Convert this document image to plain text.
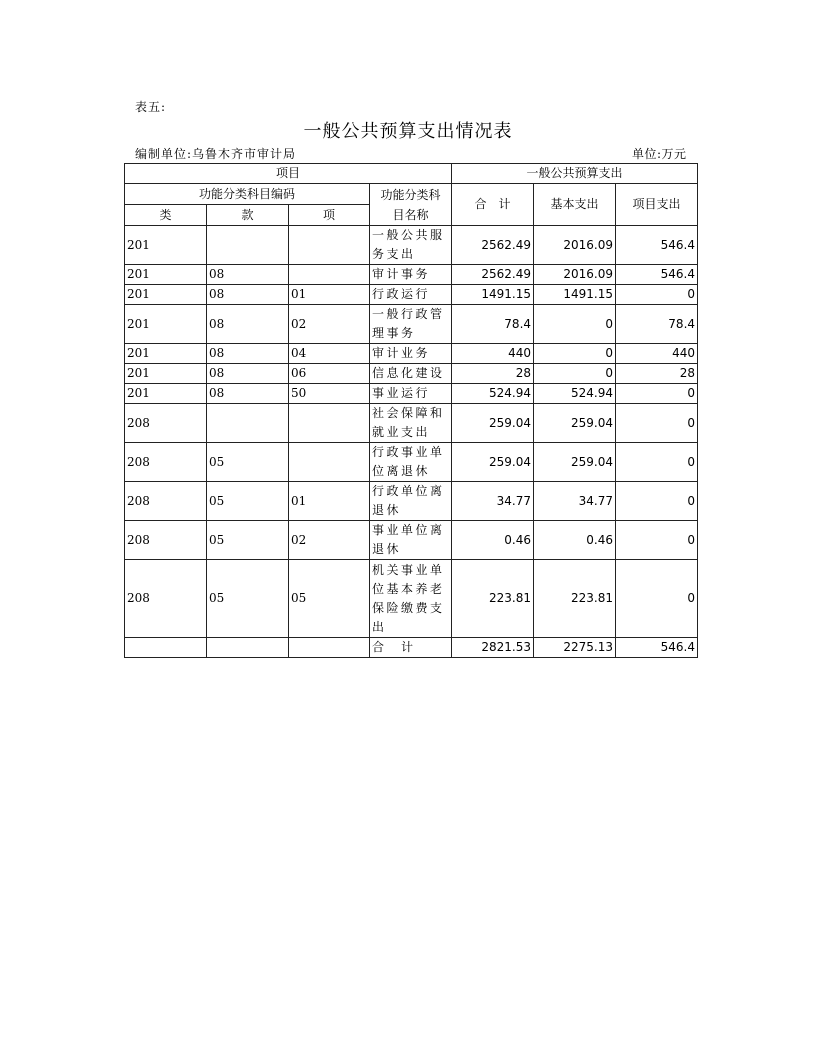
表五:
一般公共预算支出情况表
编制单位:乌鲁木齐市审计局	单位:万元
项目				一般公共预算支出		
功能分类科目编码			功能分类科目名称	合　计	基本支出	项目支出
类	款	项				
201			一般公共服务支出	2562.49	2016.09	546.4
201	08		审计事务	2562.49	2016.09	546.4
201	08	01	行政运行	1491.15	1491.15	0
201	08	02	一般行政管理事务	78.4	0	78.4
201	08	04	审计业务	440	0	440
201	08	06	信息化建设	28	0	28
201	08	50	事业运行	524.94	524.94	0
208			社会保障和就业支出	259.04	259.04	0
208	05		行政事业单位离退休	259.04	259.04	0
208	05	01	行政单位离退休	34.77	34.77	0
208	05	02	事业单位离退休	0.46	0.46	0
208	05	05	机关事业单位基本养老保险缴费支出	223.81	223.81	0
			合　计	2821.53	2275.13	546.4
